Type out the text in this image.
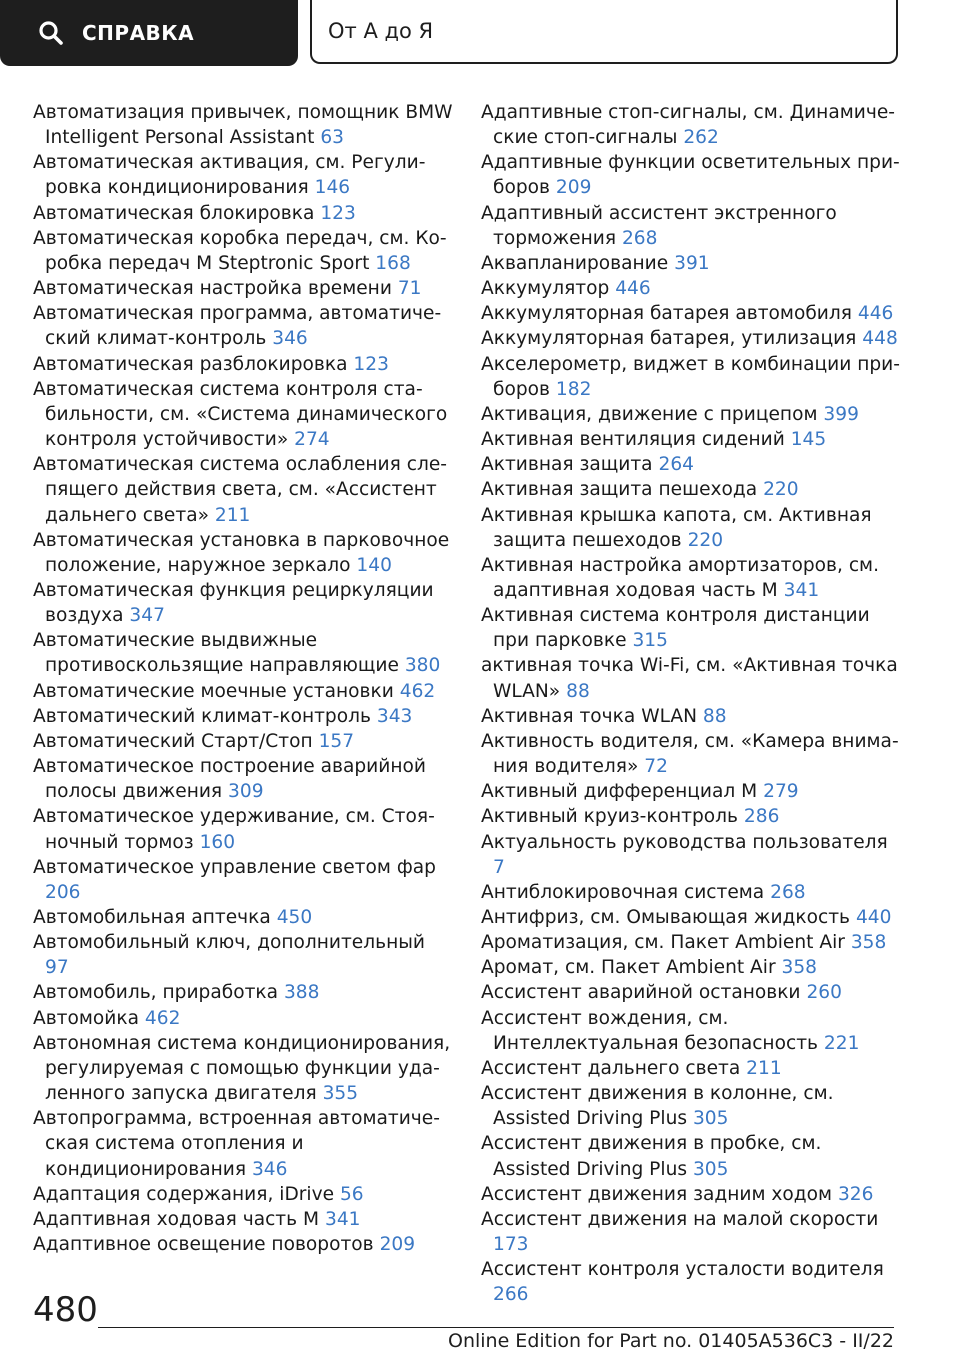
СПРАВКА	От А до Я
Автоматизация привычек, помощник BMW Intelligent Personal Assistant 63
Автоматическая активация, см. Регулировка кондиционирования 146
Автоматическая блокировка 123
Автоматическая коробка передач, см. Коробка передач M Steptronic Sport 168
Автоматическая настройка времени 71
Автоматическая программа, автоматический климат-контроль 346
Автоматическая разблокировка 123
Автоматическая система контроля стабильности, см. «Система динамического контроля устойчивости» 274
Автоматическая система ослабления слепящего действия света, см. «Ассистент дальнего света» 211
Автоматическая установка в парковочное положение, наружное зеркало 140
Автоматическая функция рециркуляции воздуха 347
Автоматические выдвижные противоскользящие направляющие 380
Автоматические моечные установки 462
Автоматический климат-контроль 343
Автоматический Старт/Стоп 157
Автоматическое построение аварийной полосы движения 309
Автоматическое удерживание, см. Стояночный тормоз 160
Автоматическое управление светом фар 206
Автомобильная аптечка 450
Автомобильный ключ, дополнительный 97
Автомобиль, приработка 388
Автомойка 462
Автономная система кондиционирования, регулируемая с помощью функции удаленного запуска двигателя 355
Автопрограмма, встроенная автоматическая система отопления и кондиционирования 346
Адаптация содержания, iDrive 56
Адаптивная ходовая часть M 341
Адаптивное освещение поворотов 209
Адаптивные стоп-сигналы, см. Динамические стоп-сигналы 262
Адаптивные функции осветительных приборов 209
Адаптивный ассистент экстренного торможения 268
Аквапланирование 391
Аккумулятор 446
Аккумуляторная батарея автомобиля 446
Аккумуляторная батарея, утилизация 448
Акселерометр, виджет в комбинации приборов 182
Активация, движение с прицепом 399
Активная вентиляция сидений 145
Активная защита 264
Активная защита пешехода 220
Активная крышка капота, см. Активная защита пешеходов 220
Активная настройка амортизаторов, см. адаптивная ходовая часть M 341
Активная система контроля дистанции при парковке 315
активная точка Wi-Fi, см. «Активная точка WLAN» 88
Активная точка WLAN 88
Активность водителя, см. «Камера внимания водителя» 72
Активный дифференциал M 279
Активный круиз-контроль 286
Актуальность руководства пользователя 7
Антиблокировочная система 268
Антифриз, см. Омывающая жидкость 440
Ароматизация, см. Пакет Ambient Air 358
Аромат, см. Пакет Ambient Air 358
Ассистент аварийной остановки 260
Ассистент вождения, см. Интеллектуальная безопасность 221
Ассистент дальнего света 211
Ассистент движения в колонне, см. Assisted Driving Plus 305
Ассистент движения в пробке, см. Assisted Driving Plus 305
Ассистент движения задним ходом 326
Ассистент движения на малой скорости 173
Ассистент контроля усталости водителя 266
480
Online Edition for Part no. 01405A536C3 - II/22
